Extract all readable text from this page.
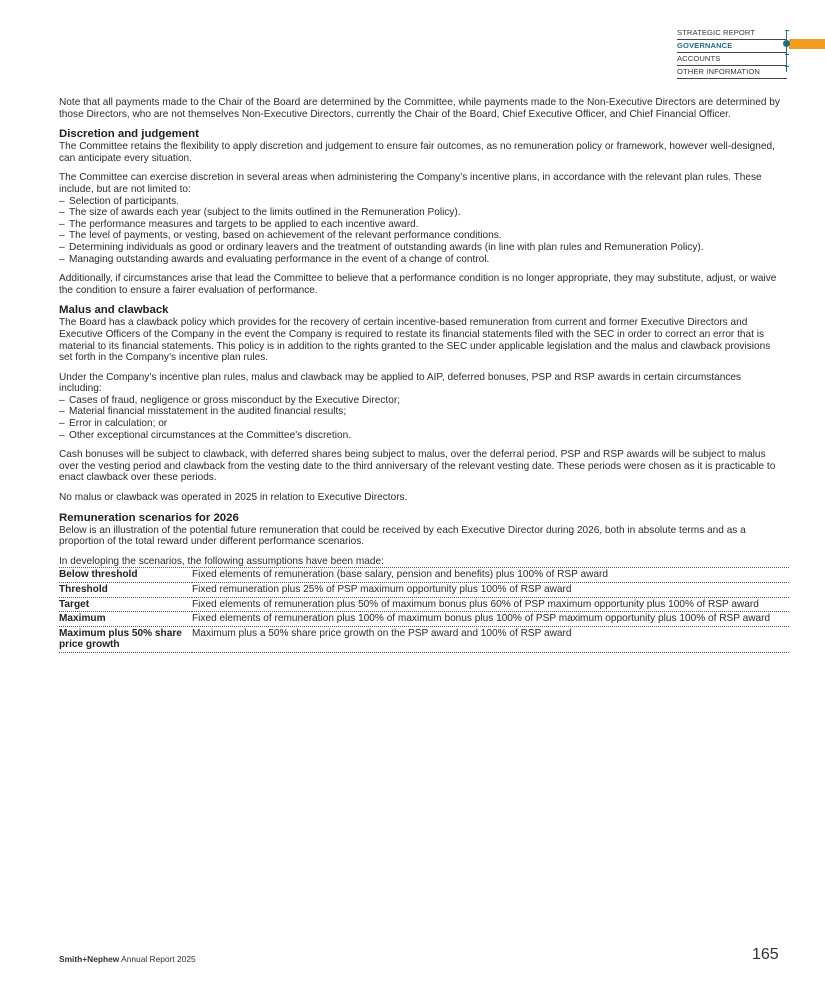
STRATEGIC REPORT
GOVERNANCE
ACCOUNTS
OTHER INFORMATION

Note that all payments made to the Chair of the Board are determined by the Committee, while payments made to the Non-Executive Directors are determined by those Directors, who are not themselves Non-Executive Directors, currently the Chair of the Board, Chief Executive Officer, and Chief Financial Officer.

Discretion and judgement

The Committee retains the flexibility to apply discretion and judgement to ensure fair outcomes, as no remuneration policy or framework, however well-designed, can anticipate every situation.

The Committee can exercise discretion in several areas when administering the Company’s incentive plans, in accordance with the relevant plan rules. These include, but are not limited to:

– Selection of participants.
– The size of awards each year (subject to the limits outlined in the Remuneration Policy).
– The performance measures and targets to be applied to each incentive award.
– The level of payments, or vesting, based on achievement of the relevant performance conditions.
– Determining individuals as good or ordinary leavers and the treatment of outstanding awards (in line with plan rules and Remuneration Policy).
– Managing outstanding awards and evaluating performance in the event of a change of control.

Additionally, if circumstances arise that lead the Committee to believe that a performance condition is no longer appropriate, they may substitute, adjust, or waive the condition to ensure a fairer evaluation of performance.

Malus and clawback

The Board has a clawback policy which provides for the recovery of certain incentive-based remuneration from current and former Executive Directors and Executive Officers of the Company in the event the Company is required to restate its financial statements filed with the SEC in order to correct an error that is material to its financial statements. This policy is in addition to the rights granted to the SEC under applicable legislation and the malus and clawback provisions set forth in the Company’s incentive plan rules.

Under the Company’s incentive plan rules, malus and clawback may be applied to AIP, deferred bonuses, PSP and RSP awards in certain circumstances including:

– Cases of fraud, negligence or gross misconduct by the Executive Director;
– Material financial misstatement in the audited financial results;
– Error in calculation; or
– Other exceptional circumstances at the Committee’s discretion.

Cash bonuses will be subject to clawback, with deferred shares being subject to malus, over the deferral period. PSP and RSP awards will be subject to malus over the vesting period and clawback from the vesting date to the third anniversary of the relevant vesting date. These periods were chosen as it is practicable to enact clawback over these periods.

No malus or clawback was operated in 2025 in relation to Executive Directors.

Remuneration scenarios for 2026

Below is an illustration of the potential future remuneration that could be received by each Executive Director during 2026, both in absolute terms and as a proportion of the total reward under different performance scenarios.

In developing the scenarios, the following assumptions have been made:

Below threshold	Fixed elements of remuneration (base salary, pension and benefits) plus 100% of RSP award
Threshold	Fixed remuneration plus 25% of PSP maximum opportunity plus 100% of RSP award
Target	Fixed elements of remuneration plus 50% of maximum bonus plus 60% of PSP maximum opportunity plus 100% of RSP award
Maximum	Fixed elements of remuneration plus 100% of maximum bonus plus 100% of PSP maximum opportunity plus 100% of RSP award
Maximum plus 50% share price growth	Maximum plus a 50% share price growth on the PSP award and 100% of RSP award
Smith+Nephew Annual Report 2025	165
